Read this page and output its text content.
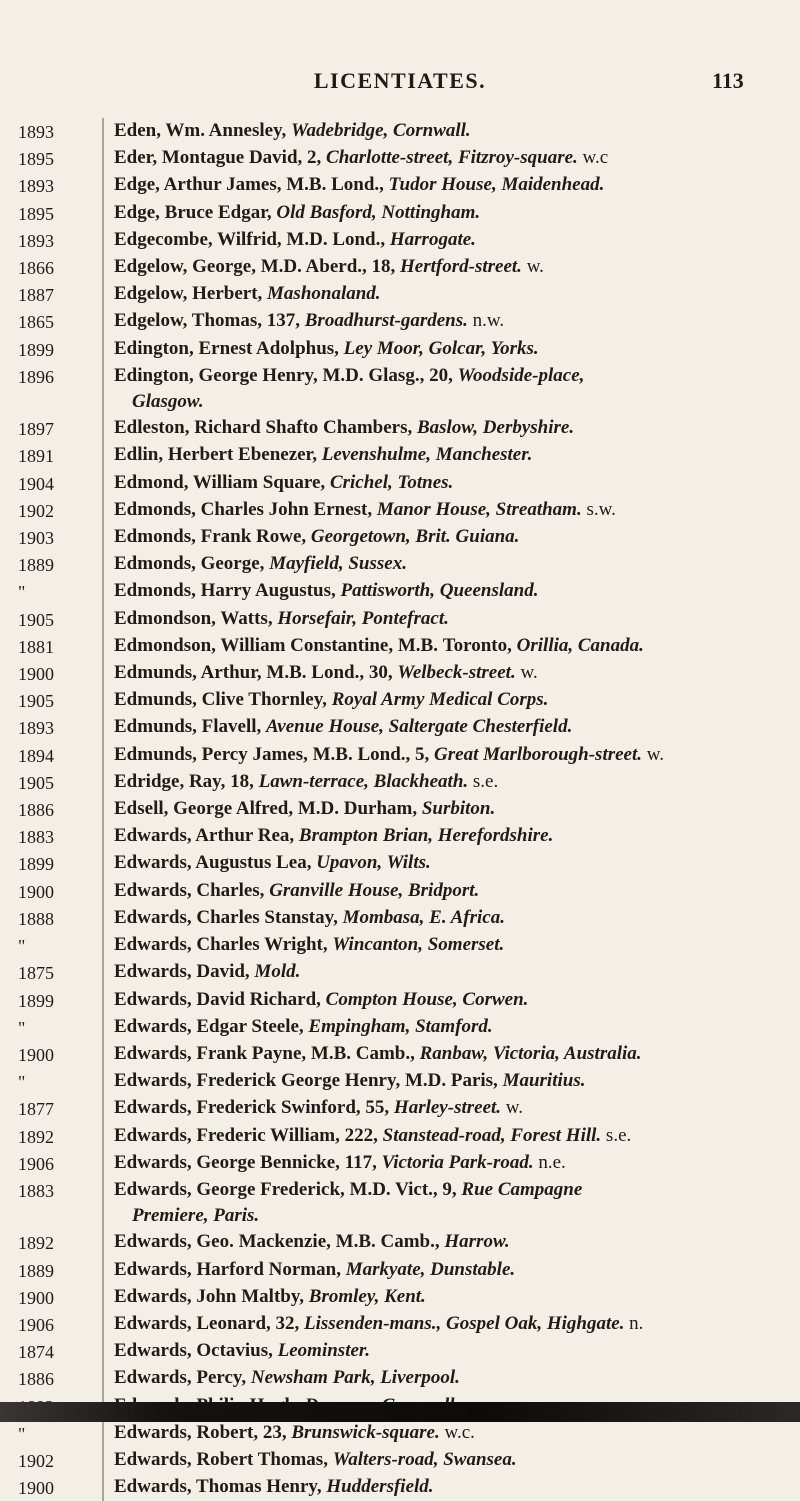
LICENTIATES.	113
1893	Eden, Wm. Annesley, Wadebridge, Cornwall.
1895	Eder, Montague David, 2, Charlotte-street, Fitzroy-square. w.c
1893	Edge, Arthur James, M.B. Lond., Tudor House, Maidenhead.
1895	Edge, Bruce Edgar, Old Basford, Nottingham.
1893	Edgecombe, Wilfrid, M.D. Lond., Harrogate.
1866	Edgelow, George, M.D. Aberd., 18, Hertford-street. w.
1887	Edgelow, Herbert, Mashonaland.
1865	Edgelow, Thomas, 137, Broadhurst-gardens. n.w.
1899	Edington, Ernest Adolphus, Ley Moor, Golcar, Yorks.
1896	Edington, George Henry, M.D. Glasg., 20, Woodside-place,
Glasgow.
1897	Edleston, Richard Shafto Chambers, Baslow, Derbyshire.
1891	Edlin, Herbert Ebenezer, Levenshulme, Manchester.
1904	Edmond, William Square, Crichel, Totnes.
1902	Edmonds, Charles John Ernest, Manor House, Streatham. s.w.
1903	Edmonds, Frank Rowe, Georgetown, Brit. Guiana.
1889	Edmonds, George, Mayfield, Sussex.
"	Edmonds, Harry Augustus, Pattisworth, Queensland.
1905	Edmondson, Watts, Horsefair, Pontefract.
1881	Edmondson, William Constantine, M.B. Toronto, Orillia, Canada.
1900	Edmunds, Arthur, M.B. Lond., 30, Welbeck-street. w.
1905	Edmunds, Clive Thornley, Royal Army Medical Corps.
1893	Edmunds, Flavell, Avenue House, Saltergate Chesterfield.
1894	Edmunds, Percy James, M.B. Lond., 5, Great Marlborough-street. w.
1905	Edridge, Ray, 18, Lawn-terrace, Blackheath. s.e.
1886	Edsell, George Alfred, M.D. Durham, Surbiton.
1883	Edwards, Arthur Rea, Brampton Brian, Herefordshire.
1899	Edwards, Augustus Lea, Upavon, Wilts.
1900	Edwards, Charles, Granville House, Bridport.
1888	Edwards, Charles Stanstay, Mombasa, E. Africa.
"	Edwards, Charles Wright, Wincanton, Somerset.
1875	Edwards, David, Mold.
1899	Edwards, David Richard, Compton House, Corwen.
"	Edwards, Edgar Steele, Empingham, Stamford.
1900	Edwards, Frank Payne, M.B. Camb., Ranbaw, Victoria, Australia.
"	Edwards, Frederick George Henry, M.D. Paris, Mauritius.
1877	Edwards, Frederick Swinford, 55, Harley-street. w.
1892	Edwards, Frederic William, 222, Stanstead-road, Forest Hill. s.e.
1906	Edwards, George Bennicke, 117, Victoria Park-road. n.e.
1883	Edwards, George Frederick, M.D. Vict., 9, Rue Campagne
Premiere, Paris.
1892	Edwards, Geo. Mackenzie, M.B. Camb., Harrow.
1889	Edwards, Harford Norman, Markyate, Dunstable.
1900	Edwards, John Maltby, Bromley, Kent.
1906	Edwards, Leonard, 32, Lissenden-mans., Gospel Oak, Highgate. n.
1874	Edwards, Octavius, Leominster.
1886	Edwards, Percy, Newsham Park, Liverpool.
"	Edwards, Robert, 23, Brunswick-square. w.c.
1902	Edwards, Robert Thomas, Walters-road, Swansea.
1900	Edwards, Thomas Henry, Huddersfield.
